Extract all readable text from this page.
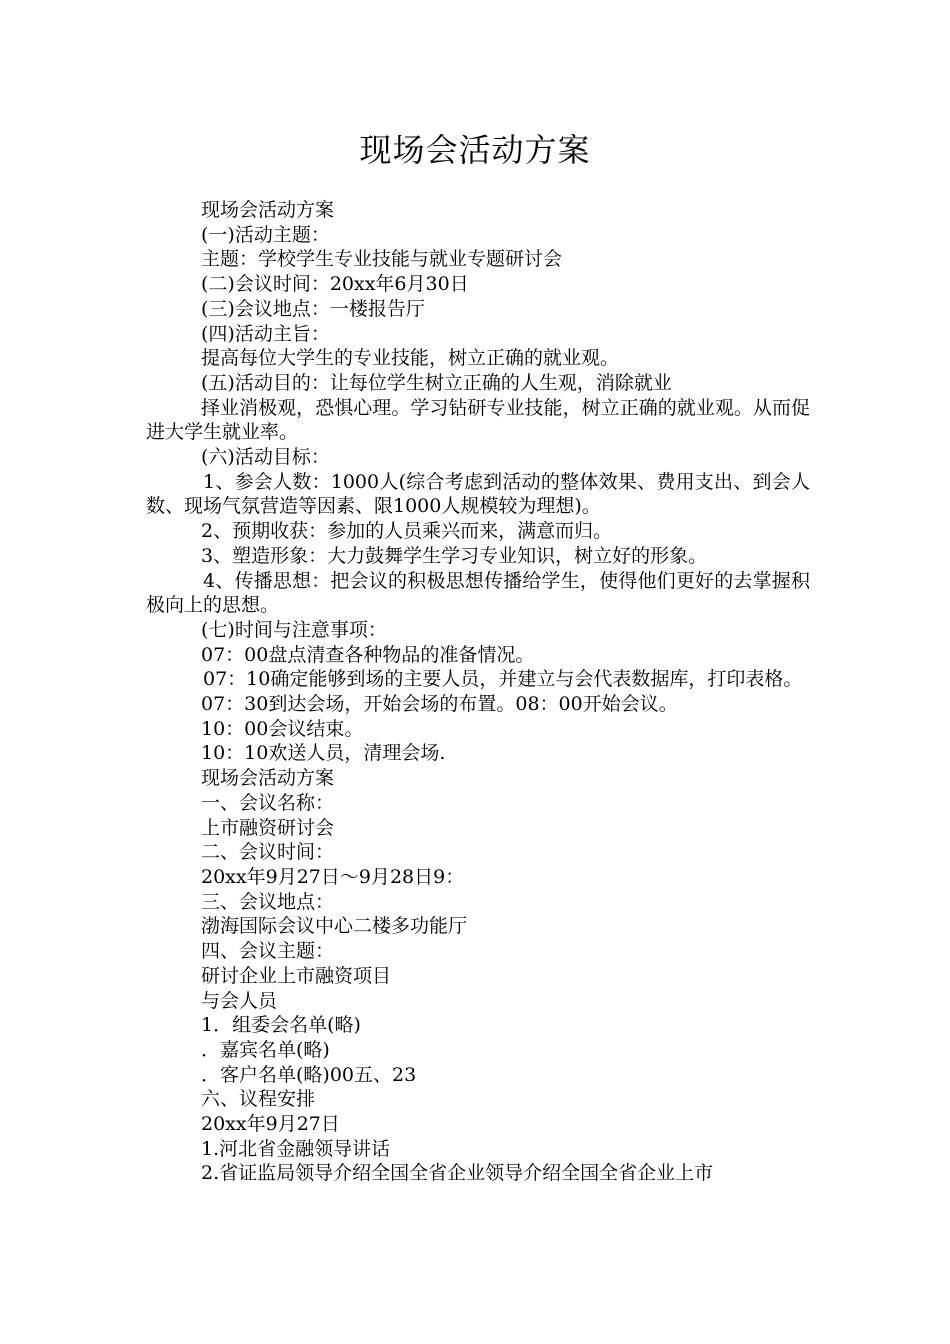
现场会活动方案

现场会活动方案

(一)活动主题：

主题：学校学生专业技能与就业专题研讨会

(二)会议时间：20xx年6月30日

(三)会议地点：一楼报告厅

(四)活动主旨：

提高每位大学生的专业技能，树立正确的就业观。

(五)活动目的：让每位学生树立正确的人生观，消除就业

择业消极观，恐惧心理。学习钻研专业技能，树立正确的就业观。从而促进大学生就业率。

(六)活动目标：

1、参会人数：1000人(综合考虑到活动的整体效果、费用支出、到会人数、现场气氛营造等因素、限1000人规模较为理想)。

2、预期收获：参加的人员乘兴而来，满意而归。

3、塑造形象：大力鼓舞学生学习专业知识，树立好的形象。

4、传播思想：把会议的积极思想传播给学生，使得他们更好的去掌握积极向上的思想。

(七)时间与注意事项：

07：00盘点清查各种物品的准备情况。

07：10确定能够到场的主要人员，并建立与会代表数据库，打印表格。

07：30到达会场，开始会场的布置。08：00开始会议。

10：00会议结束。

10：10欢送人员，清理会场.

现场会活动方案

一、会议名称：

上市融资研讨会

二、会议时间：

20xx年9月27日～9月28日9：

三、会议地点：

渤海国际会议中心二楼多功能厅

四、会议主题：

研讨企业上市融资项目

与会人员

1．组委会名单(略)

．嘉宾名单(略)

．客户名单(略)00五、23

六、议程安排

20xx年9月27日

1.河北省金融领导讲话

2.省证监局领导介绍全国全省企业领导介绍全国全省企业上市
